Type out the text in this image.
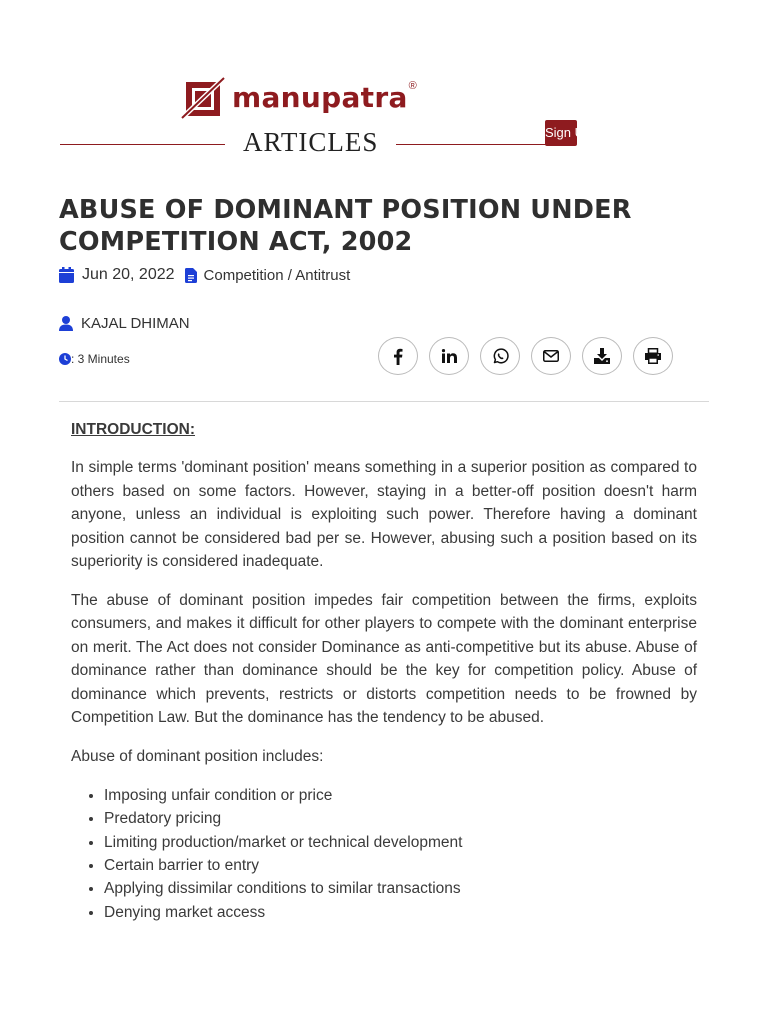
manupatra ®
ARTICLES	Sign Up
ABUSE OF DOMINANT POSITION UNDER COMPETITION ACT, 2002
Jun 20, 2022 Competition / Antitrust
KAJAL DHIMAN
: 3 Minutes
INTRODUCTION:

In simple terms 'dominant position' means something in a superior position as compared to others based on some factors. However, staying in a better-off position doesn't harm anyone, unless an individual is exploiting such power. Therefore having a dominant position cannot be considered bad per se. However, abusing such a position based on its superiority is considered inadequate.

The abuse of dominant position impedes fair competition between the firms, exploits consumers, and makes it difficult for other players to compete with the dominant enterprise on merit. The Act does not consider Dominance as anti-competitive but its abuse. Abuse of dominance rather than dominance should be the key for competition policy. Abuse of dominance which prevents, restricts or distorts competition needs to be frowned by Competition Law. But the dominance has the tendency to be abused.

Abuse of dominant position includes:

• Imposing unfair condition or price
• Predatory pricing
• Limiting production/market or technical development
• Certain barrier to entry
• Applying dissimilar conditions to similar transactions
• Denying market access
